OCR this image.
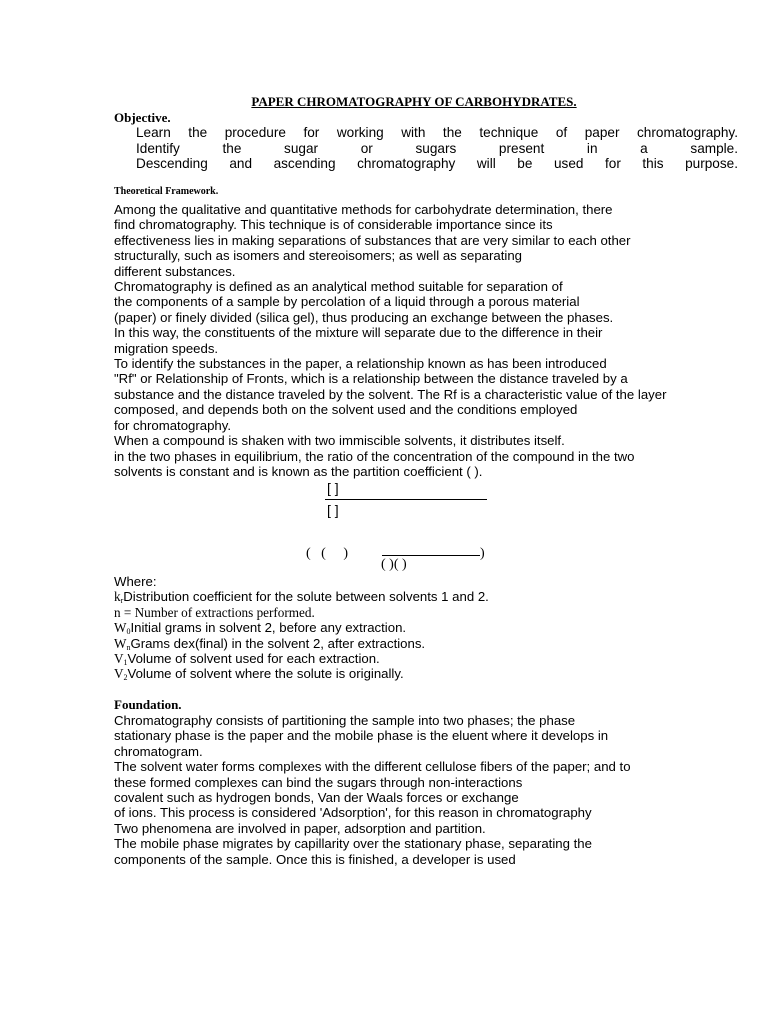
PAPER CHROMATOGRAPHY OF CARBOHYDRATES.
Objective.
Learn the procedure for working with the technique of paper chromatography.
Identify the sugar or sugars present in a sample.
Descending and ascending chromatography will be used for this purpose.
Theoretical Framework.
Among the qualitative and quantitative methods for carbohydrate determination, there
find chromatography. This technique is of considerable importance since its
effectiveness lies in making separations of substances that are very similar to each other
structurally, such as isomers and stereoisomers; as well as separating
different substances.
Chromatography is defined as an analytical method suitable for separation of
the components of a sample by percolation of a liquid through a porous material
(paper) or finely divided (silica gel), thus producing an exchange between the phases.
In this way, the constituents of the mixture will separate due to the difference in their
migration speeds.
To identify the substances in the paper, a relationship known as has been introduced
"Rf" or Relationship of Fronts, which is a relationship between the distance traveled by a
substance and the distance traveled by the solvent. The Rf is a characteristic value of the layer
composed, and depends both on the solvent used and the conditions employed
for chromatography.
When a compound is shaken with two immiscible solvents, it distributes itself.
in the two phases in equilibrium, the ratio of the concentration of the compound in the two
solvents is constant and is known as the partition coefficient ( ).
[ ]
[ ]
(   (     )	)
( )( )
Where:
$k_rDistribution$ coefficient for the solute between solvents 1 and 2.
n = Number of extractions performed.
$W_0Initial$ grams in solvent 2, before any extraction.
$W_nGrams$ dex(final) in the solvent 2, after extractions.
$V_1Volume$ of solvent used for each extraction.
$V_2Volume$ of solvent where the solute is originally.
Foundation.
Chromatography consists of partitioning the sample into two phases; the phase
stationary phase is the paper and the mobile phase is the eluent where it develops in
chromatogram.
The solvent water forms complexes with the different cellulose fibers of the paper; and to
these formed complexes can bind the sugars through non-interactions
covalent such as hydrogen bonds, Van der Waals forces or exchange
of ions. This process is considered 'Adsorption', for this reason in chromatography
Two phenomena are involved in paper, adsorption and partition.
The mobile phase migrates by capillarity over the stationary phase, separating the
components of the sample. Once this is finished, a developer is used
